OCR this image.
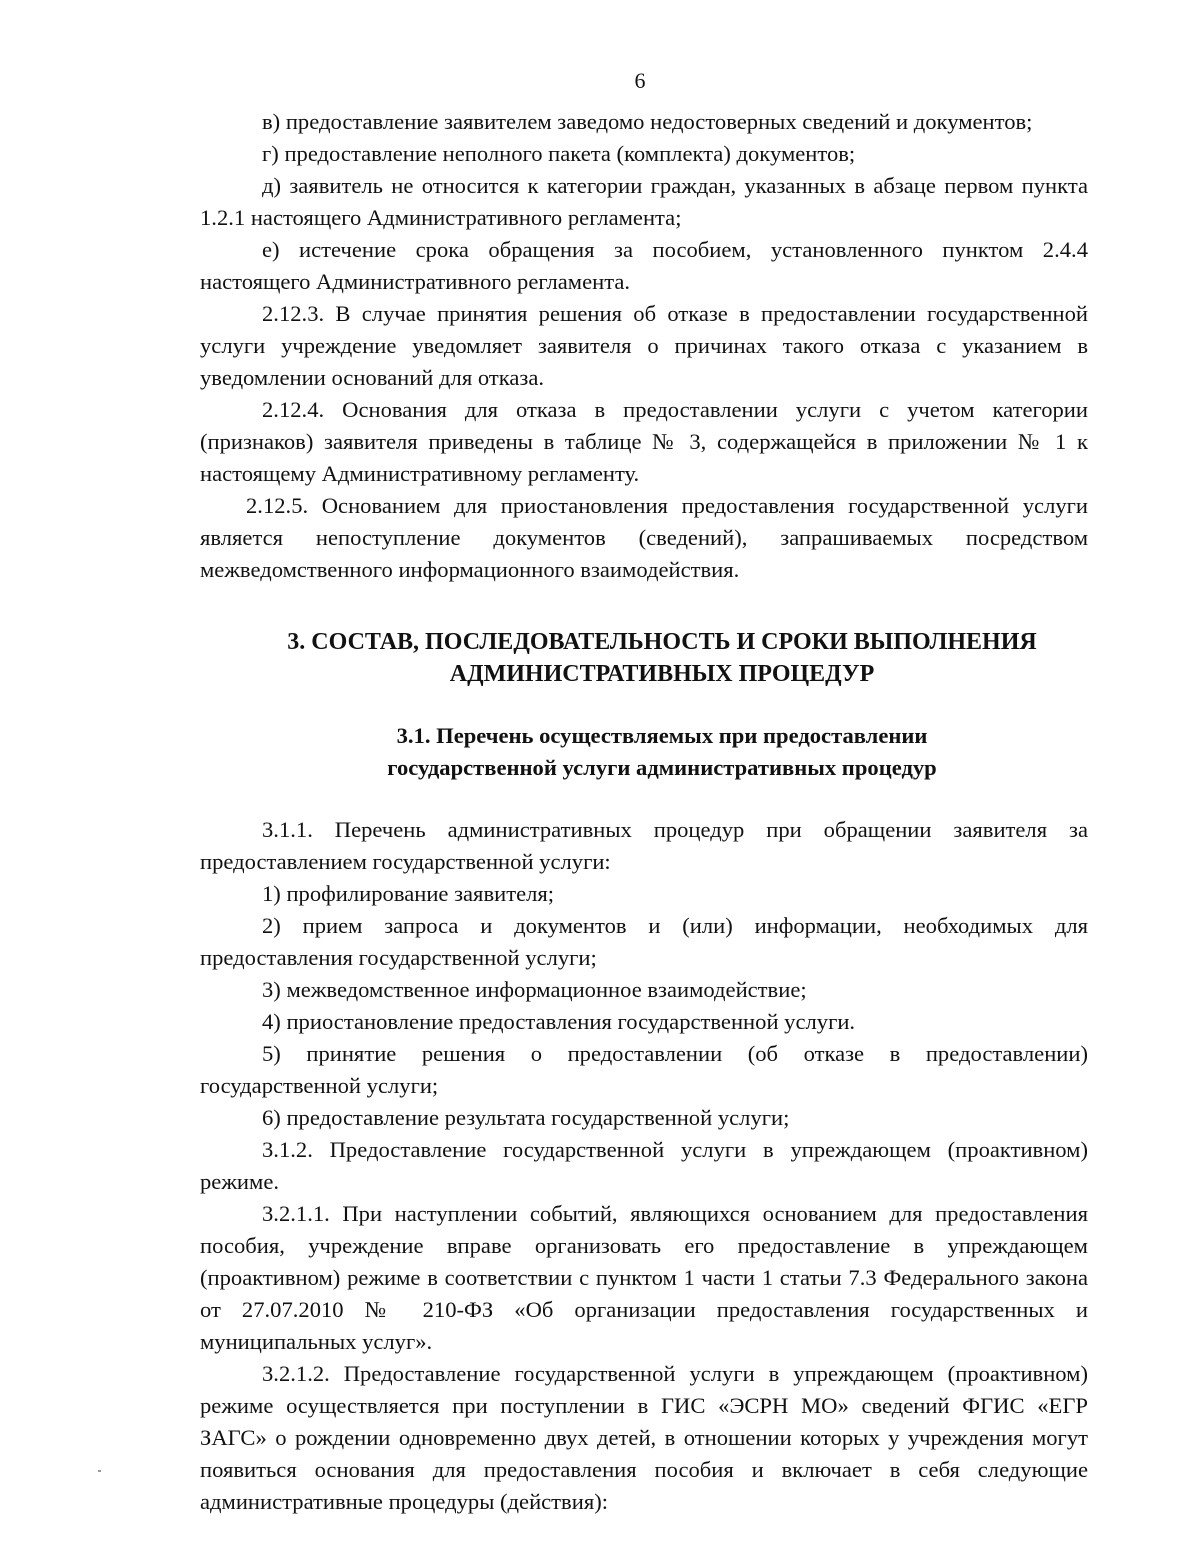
6

в) предоставление заявителем заведомо недостоверных сведений и документов;

г) предоставление неполного пакета (комплекта) документов;

д) заявитель не относится к категории граждан, указанных в абзаце первом пункта 1.2.1 настоящего Административного регламента;

е) истечение срока обращения за пособием, установленного пунктом 2.4.4 настоящего Административного регламента.

2.12.3. В случае принятия решения об отказе в предоставлении государственной услуги учреждение уведомляет заявителя о причинах такого отказа с указанием в уведомлении оснований для отказа.

2.12.4. Основания для отказа в предоставлении услуги с учетом категории (признаков) заявителя приведены в таблице № 3, содержащейся в приложении № 1 к настоящему Административному регламенту.

2.12.5. Основанием для приостановления предоставления государственной услуги является непоступление документов (сведений), запрашиваемых посредством межведомственного информационного взаимодействия.

3. СОСТАВ, ПОСЛЕДОВАТЕЛЬНОСТЬ И СРОКИ ВЫПОЛНЕНИЯ
АДМИНИСТРАТИВНЫХ ПРОЦЕДУР
3.1. Перечень осуществляемых при предоставлении
государственной услуги административных процедур

3.1.1. Перечень административных процедур при обращении заявителя за предоставлением государственной услуги:

1) профилирование заявителя;

2) прием запроса и документов и (или) информации, необходимых для предоставления государственной услуги;

3) межведомственное информационное взаимодействие;

4) приостановление предоставления государственной услуги.

5) принятие решения о предоставлении (об отказе в предоставлении) государственной услуги;

6) предоставление результата государственной услуги;

3.1.2. Предоставление государственной услуги в упреждающем (проактивном) режиме.

3.2.1.1. При наступлении событий, являющихся основанием для предоставления пособия, учреждение вправе организовать его предоставление в упреждающем (проактивном) режиме в соответствии с пунктом 1 части 1 статьи 7.3 Федерального закона от 27.07.2010 № 210-ФЗ «Об организации предоставления государственных и муниципальных услуг».

3.2.1.2. Предоставление государственной услуги в упреждающем (проактивном) режиме осуществляется при поступлении в ГИС «ЭСРН МО» сведений ФГИС «ЕГР ЗАГС» о рождении одновременно двух детей, в отношении которых у учреждения могут появиться основания для предоставления пособия и включает в себя следующие административные процедуры (действия):
